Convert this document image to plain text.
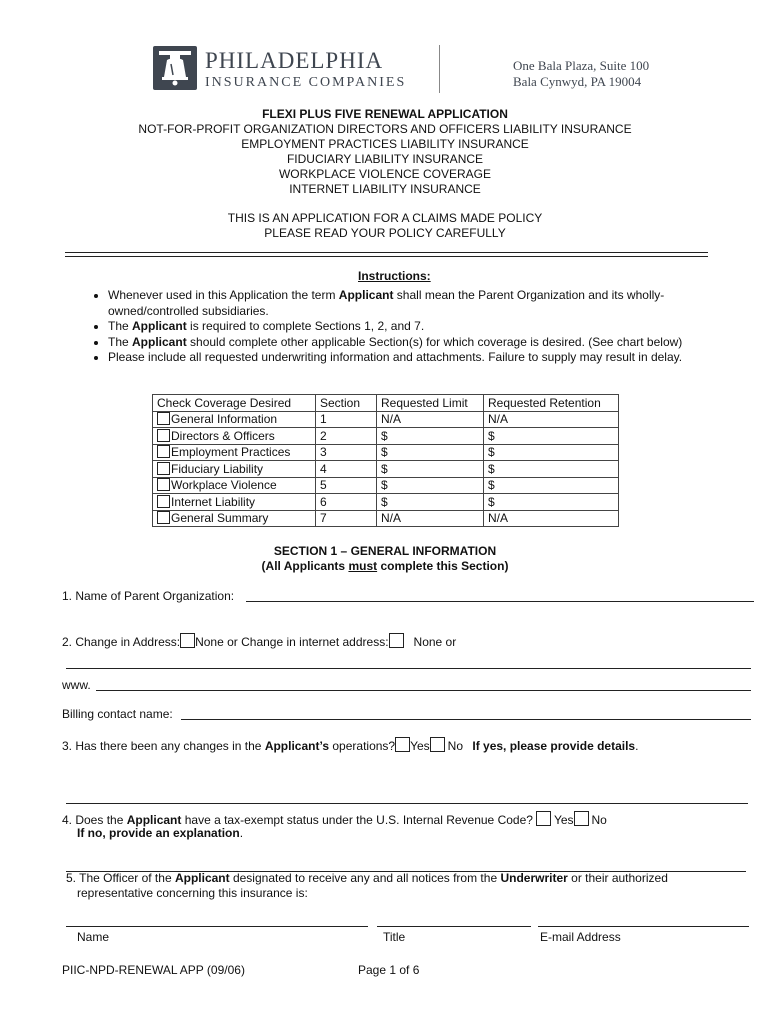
PHILADELPHIA
INSURANCE COMPANIES
One Bala Plaza, Suite 100
Bala Cynwyd, PA 19004
FLEXI PLUS FIVE RENEWAL APPLICATION
NOT-FOR-PROFIT ORGANIZATION DIRECTORS AND OFFICERS LIABILITY INSURANCE
EMPLOYMENT PRACTICES LIABILITY INSURANCE
FIDUCIARY LIABILITY INSURANCE
WORKPLACE VIOLENCE COVERAGE
INTERNET LIABILITY INSURANCE
THIS IS AN APPLICATION FOR A CLAIMS MADE POLICY
PLEASE READ YOUR POLICY CAREFULLY
Instructions:
• Whenever used in this Application the term Applicant shall mean the Parent Organization and its wholly-owned/controlled subsidiaries.
• The Applicant is required to complete Sections 1, 2, and 7.
• The Applicant should complete other applicable Section(s) for which coverage is desired. (See chart below)
• Please include all requested underwriting information and attachments. Failure to supply may result in delay.
Check Coverage Desired	Section	Requested Limit	Requested Retention
General Information	1	N/A	N/A
Directors & Officers	2	$	$
Employment Practices	3	$	$
Fiduciary Liability	4	$	$
Workplace Violence	5	$	$
Internet Liability	6	$	$
General Summary	7	N/A	N/A
SECTION 1 – GENERAL INFORMATION
(All Applicants must complete this Section)
1. Name of Parent Organization:
2. Change in Address: None or Change in internet address: None or
www.
Billing contact name:
3. Has there been any changes in the Applicant’s operations? Yes No If yes, please provide details.
4. Does the Applicant have a tax-exempt status under the U.S. Internal Revenue Code? Yes No
If no, provide an explanation.
5. The Officer of the Applicant designated to receive any and all notices from the Underwriter or their authorized
representative concerning this insurance is:
Name	Title	E-mail Address
PIIC-NPD-RENEWAL APP (09/06)	Page 1 of 6
